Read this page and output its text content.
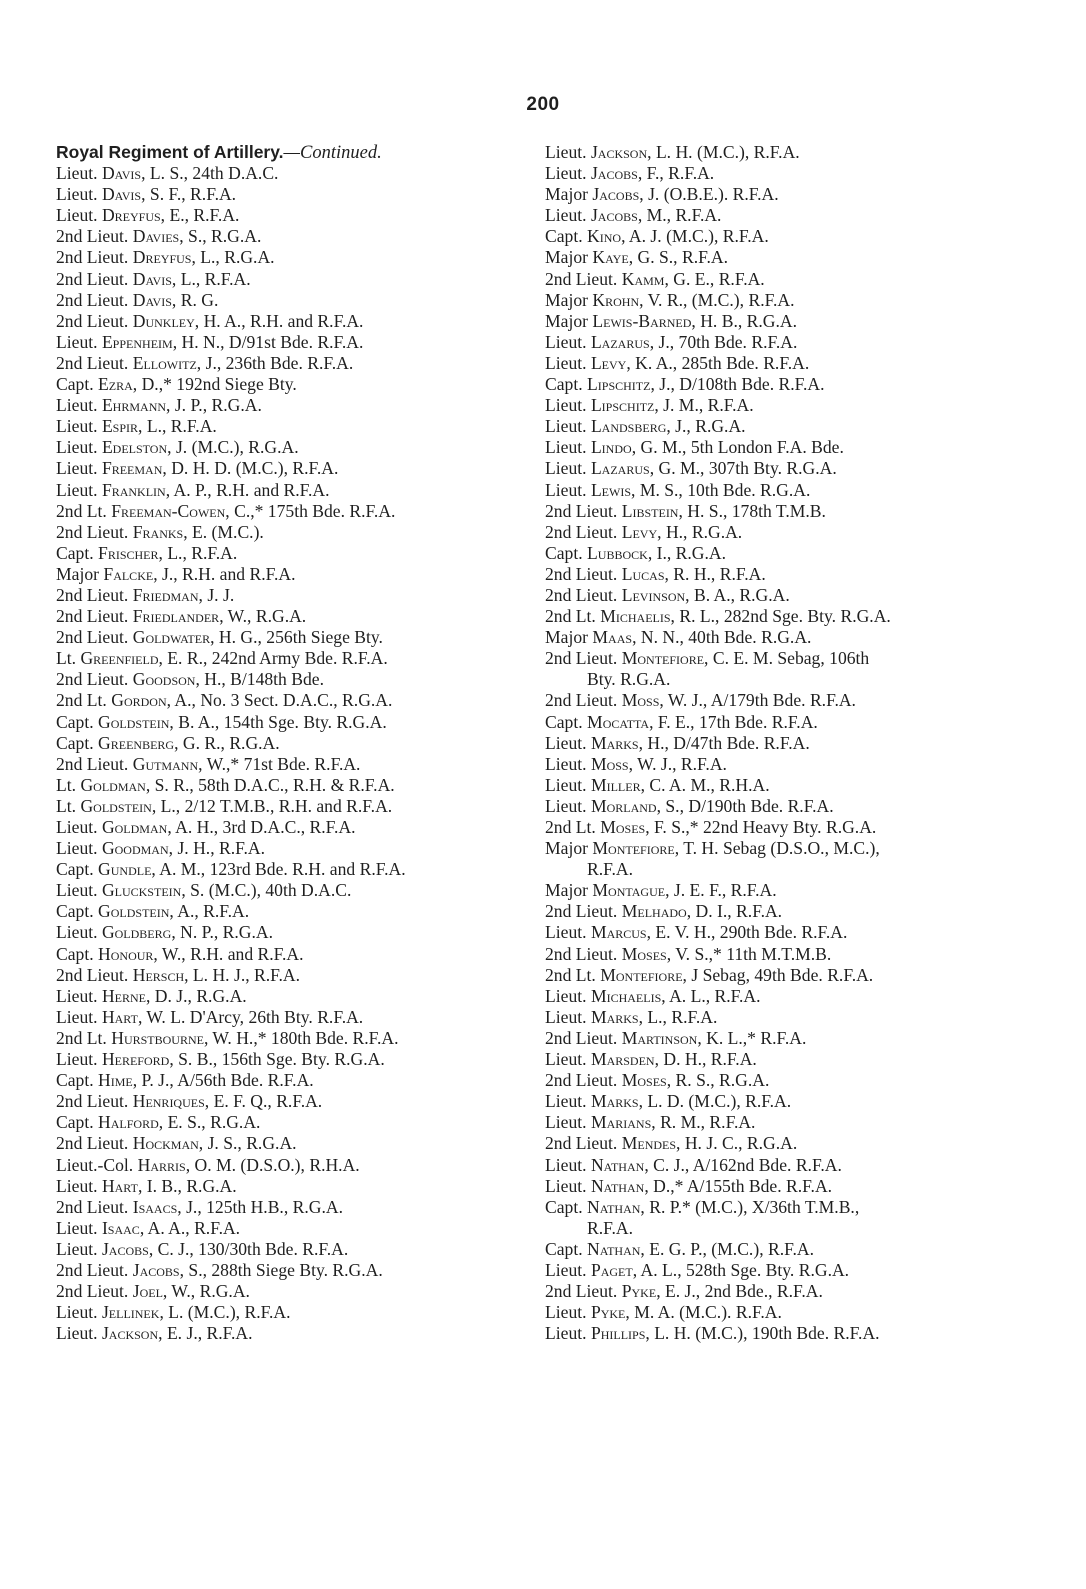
200
Royal Regiment of Artillery.—Continued.
Lieut. Davis, L. S., 24th D.A.C.
Lieut. Davis, S. F., R.F.A.
Lieut. Dreyfus, E., R.F.A.
2nd Lieut. Davies, S., R.G.A.
2nd Lieut. Dreyfus, L., R.G.A.
2nd Lieut. Davis, L., R.F.A.
2nd Lieut. Davis, R. G.
2nd Lieut. Dunkley, H. A., R.H. and R.F.A.
Lieut. Eppenheim, H. N., D/91st Bde. R.F.A.
2nd Lieut. Ellowitz, J., 236th Bde. R.F.A.
Capt. Ezra, D.,* 192nd Siege Bty.
Lieut. Ehrmann, J. P., R.G.A.
Lieut. Espir, L., R.F.A.
Lieut. Edelston, J. (M.C.), R.G.A.
Lieut. Freeman, D. H. D. (M.C.), R.F.A.
Lieut. Franklin, A. P., R.H. and R.F.A.
2nd Lt. Freeman-Cowen, C.,* 175th Bde. R.F.A.
2nd Lieut. Franks, E. (M.C.).
Capt. Frischer, L., R.F.A.
Major Falcke, J., R.H. and R.F.A.
2nd Lieut. Friedman, J. J.
2nd Lieut. Friedlander, W., R.G.A.
2nd Lieut. Goldwater, H. G., 256th Siege Bty.
Lt. Greenfield, E. R., 242nd Army Bde. R.F.A.
2nd Lieut. Goodson, H., B/148th Bde.
2nd Lt. Gordon, A., No. 3 Sect. D.A.C., R.G.A.
Capt. Goldstein, B. A., 154th Sge. Bty. R.G.A.
Capt. Greenberg, G. R., R.G.A.
2nd Lieut. Gutmann, W.,* 71st Bde. R.F.A.
Lt. Goldman, S. R., 58th D.A.C., R.H. & R.F.A.
Lt. Goldstein, L., 2/12 T.M.B., R.H. and R.F.A.
Lieut. Goldman, A. H., 3rd D.A.C., R.F.A.
Lieut. Goodman, J. H., R.F.A.
Capt. Gundle, A. M., 123rd Bde. R.H. and R.F.A.
Lieut. Gluckstein, S. (M.C.), 40th D.A.C.
Capt. Goldstein, A., R.F.A.
Lieut. Goldberg, N. P., R.G.A.
Capt. Honour, W., R.H. and R.F.A.
2nd Lieut. Hersch, L. H. J., R.F.A.
Lieut. Herne, D. J., R.G.A.
Lieut. Hart, W. L. D'Arcy, 26th Bty. R.F.A.
2nd Lt. Hurstbourne, W. H.,* 180th Bde. R.F.A.
Lieut. Hereford, S. B., 156th Sge. Bty. R.G.A.
Capt. Hime, P. J., A/56th Bde. R.F.A.
2nd Lieut. Henriques, E. F. Q., R.F.A.
Capt. Halford, E. S., R.G.A.
2nd Lieut. Hockman, J. S., R.G.A.
Lieut.-Col. Harris, O. M. (D.S.O.), R.H.A.
Lieut. Hart, I. B., R.G.A.
2nd Lieut. Isaacs, J., 125th H.B., R.G.A.
Lieut. Isaac, A. A., R.F.A.
Lieut. Jacobs, C. J., 130/30th Bde. R.F.A.
2nd Lieut. Jacobs, S., 288th Siege Bty. R.G.A.
2nd Lieut. Joel, W., R.G.A.
Lieut. Jellinek, L. (M.C.), R.F.A.
Lieut. Jackson, E. J., R.F.A.
Lieut. Jackson, L. H. (M.C.), R.F.A.
Lieut. Jacobs, F., R.F.A.
Major Jacobs, J. (O.B.E.). R.F.A.
Lieut. Jacobs, M., R.F.A.
Capt. Kino, A. J. (M.C.), R.F.A.
Major Kaye, G. S., R.F.A.
2nd Lieut. Kamm, G. E., R.F.A.
Major Krohn, V. R., (M.C.), R.F.A.
Major Lewis-Barned, H. B., R.G.A.
Lieut. Lazarus, J., 70th Bde. R.F.A.
Lieut. Levy, K. A., 285th Bde. R.F.A.
Capt. Lipschitz, J., D/108th Bde. R.F.A.
Lieut. Lipschitz, J. M., R.F.A.
Lieut. Landsberg, J., R.G.A.
Lieut. Lindo, G. M., 5th London F.A. Bde.
Lieut. Lazarus, G. M., 307th Bty. R.G.A.
Lieut. Lewis, M. S., 10th Bde. R.G.A.
2nd Lieut. Libstein, H. S., 178th T.M.B.
2nd Lieut. Levy, H., R.G.A.
Capt. Lubbock, I., R.G.A.
2nd Lieut. Lucas, R. H., R.F.A.
2nd Lieut. Levinson, B. A., R.G.A.
2nd Lt. Michaelis, R. L., 282nd Sge. Bty. R.G.A.
Major Maas, N. N., 40th Bde. R.G.A.
2nd Lieut. Montefiore, C. E. M. Sebag, 106th
Bty. R.G.A.
2nd Lieut. Moss, W. J., A/179th Bde. R.F.A.
Capt. Mocatta, F. E., 17th Bde. R.F.A.
Lieut. Marks, H., D/47th Bde. R.F.A.
Lieut. Moss, W. J., R.F.A.
Lieut. Miller, C. A. M., R.H.A.
Lieut. Morland, S., D/190th Bde. R.F.A.
2nd Lt. Moses, F. S.,* 22nd Heavy Bty. R.G.A.
Major Montefiore, T. H. Sebag (D.S.O., M.C.),
R.F.A.
Major Montague, J. E. F., R.F.A.
2nd Lieut. Melhado, D. I., R.F.A.
Lieut. Marcus, E. V. H., 290th Bde. R.F.A.
2nd Lieut. Moses, V. S.,* 11th M.T.M.B.
2nd Lt. Montefiore, J Sebag, 49th Bde. R.F.A.
Lieut. Michaelis, A. L., R.F.A.
Lieut. Marks, L., R.F.A.
2nd Lieut. Martinson, K. L.,* R.F.A.
Lieut. Marsden, D. H., R.F.A.
2nd Lieut. Moses, R. S., R.G.A.
Lieut. Marks, L. D. (M.C.), R.F.A.
Lieut. Marians, R. M., R.F.A.
2nd Lieut. Mendes, H. J. C., R.G.A.
Lieut. Nathan, C. J., A/162nd Bde. R.F.A.
Lieut. Nathan, D.,* A/155th Bde. R.F.A.
Capt. Nathan, R. P.* (M.C.), X/36th T.M.B.,
R.F.A.
Capt. Nathan, E. G. P., (M.C.), R.F.A.
Lieut. Paget, A. L., 528th Sge. Bty. R.G.A.
2nd Lieut. Pyke, E. J., 2nd Bde., R.F.A.
Lieut. Pyke, M. A. (M.C.). R.F.A.
Lieut. Phillips, L. H. (M.C.), 190th Bde. R.F.A.
